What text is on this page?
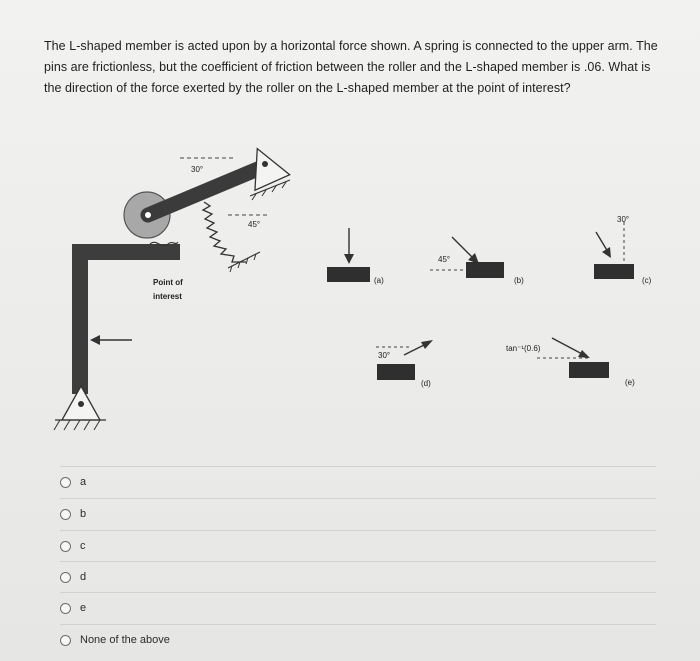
The L-shaped member is acted upon by a horizontal force shown. A spring is connected to the upper arm. The pins are frictionless, but the coefficient of friction between the roller and the L-shaped member is .06. What is the direction of the force exerted by the roller on the L-shaped member at the point of interest?
30°
45°
Point of
interest
(a)
45°
(b)
30°
(c)
30°
(d)
tan⁻¹(0.6)
(e)
a
b
c
d
e
None of the above
